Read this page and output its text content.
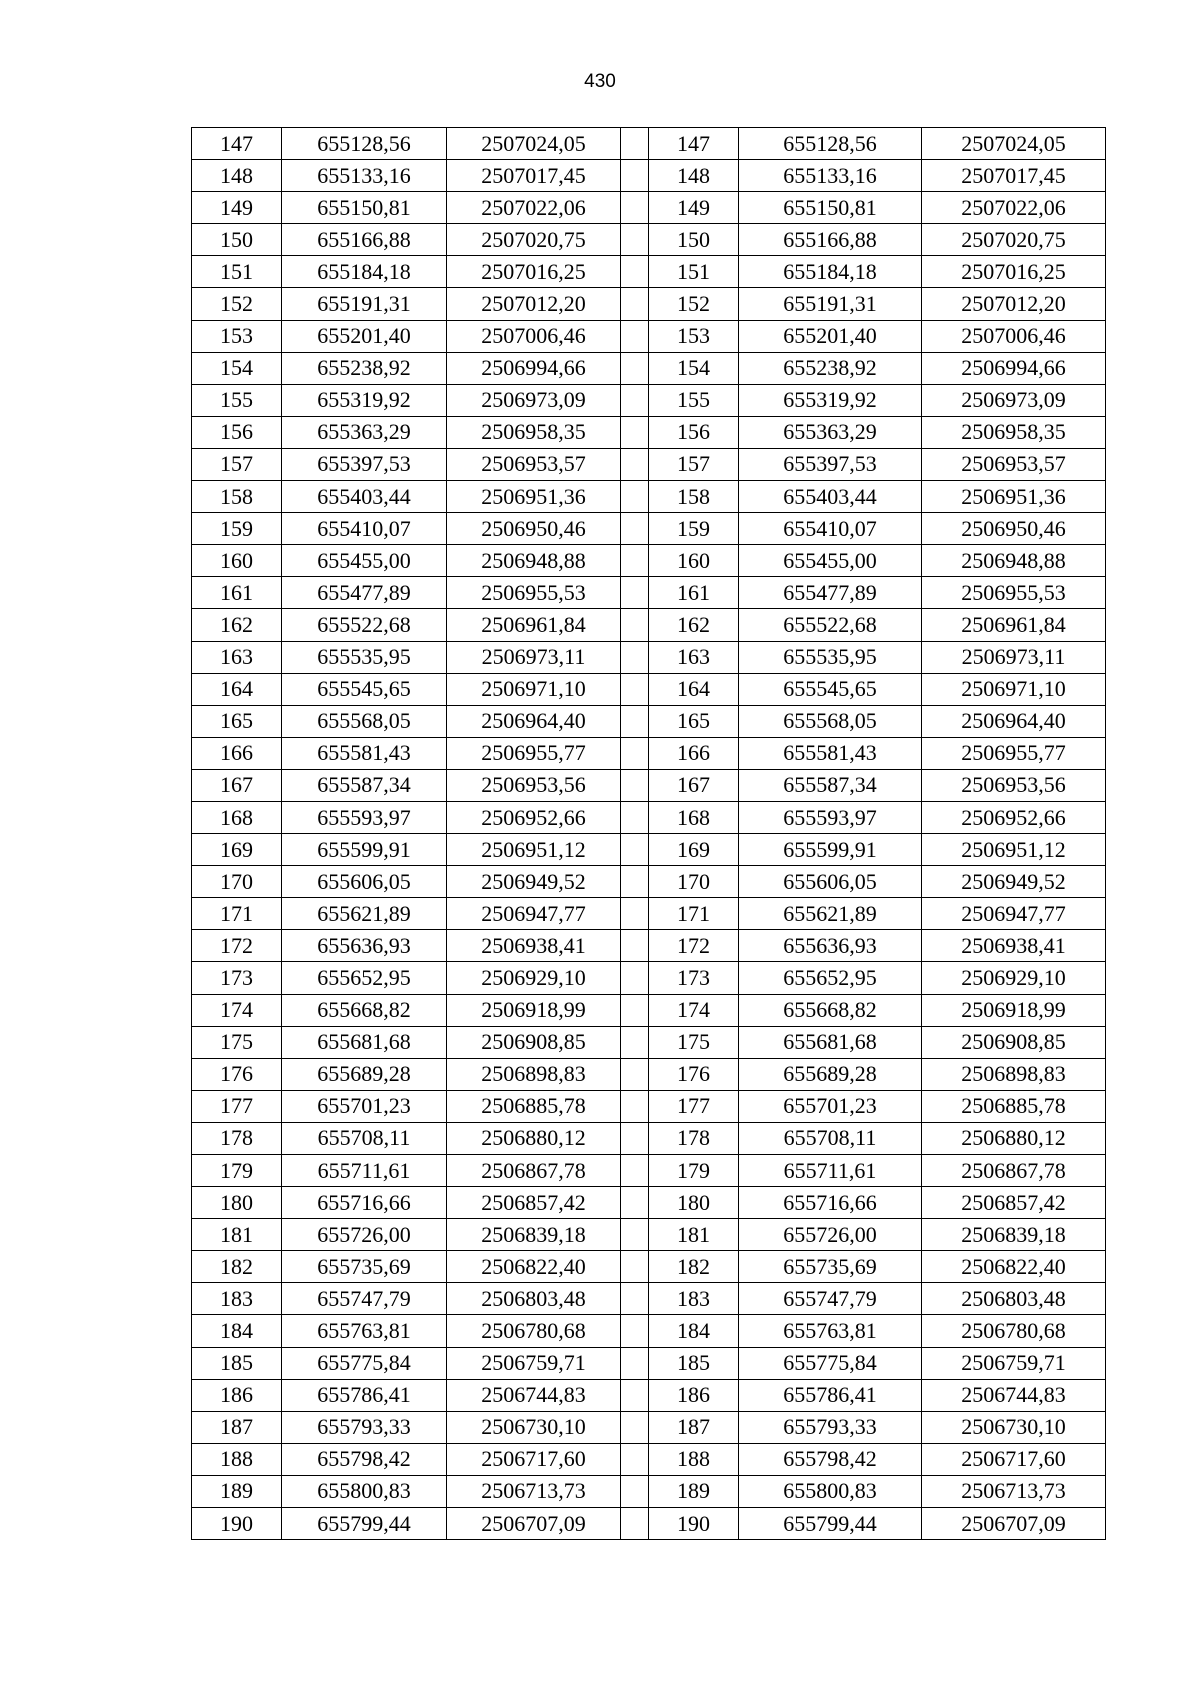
430
147	655128,56	2507024,05		147	655128,56	2507024,05
148	655133,16	2507017,45		148	655133,16	2507017,45
149	655150,81	2507022,06		149	655150,81	2507022,06
150	655166,88	2507020,75		150	655166,88	2507020,75
151	655184,18	2507016,25		151	655184,18	2507016,25
152	655191,31	2507012,20		152	655191,31	2507012,20
153	655201,40	2507006,46		153	655201,40	2507006,46
154	655238,92	2506994,66		154	655238,92	2506994,66
155	655319,92	2506973,09		155	655319,92	2506973,09
156	655363,29	2506958,35		156	655363,29	2506958,35
157	655397,53	2506953,57		157	655397,53	2506953,57
158	655403,44	2506951,36		158	655403,44	2506951,36
159	655410,07	2506950,46		159	655410,07	2506950,46
160	655455,00	2506948,88		160	655455,00	2506948,88
161	655477,89	2506955,53		161	655477,89	2506955,53
162	655522,68	2506961,84		162	655522,68	2506961,84
163	655535,95	2506973,11		163	655535,95	2506973,11
164	655545,65	2506971,10		164	655545,65	2506971,10
165	655568,05	2506964,40		165	655568,05	2506964,40
166	655581,43	2506955,77		166	655581,43	2506955,77
167	655587,34	2506953,56		167	655587,34	2506953,56
168	655593,97	2506952,66		168	655593,97	2506952,66
169	655599,91	2506951,12		169	655599,91	2506951,12
170	655606,05	2506949,52		170	655606,05	2506949,52
171	655621,89	2506947,77		171	655621,89	2506947,77
172	655636,93	2506938,41		172	655636,93	2506938,41
173	655652,95	2506929,10		173	655652,95	2506929,10
174	655668,82	2506918,99		174	655668,82	2506918,99
175	655681,68	2506908,85		175	655681,68	2506908,85
176	655689,28	2506898,83		176	655689,28	2506898,83
177	655701,23	2506885,78		177	655701,23	2506885,78
178	655708,11	2506880,12		178	655708,11	2506880,12
179	655711,61	2506867,78		179	655711,61	2506867,78
180	655716,66	2506857,42		180	655716,66	2506857,42
181	655726,00	2506839,18		181	655726,00	2506839,18
182	655735,69	2506822,40		182	655735,69	2506822,40
183	655747,79	2506803,48		183	655747,79	2506803,48
184	655763,81	2506780,68		184	655763,81	2506780,68
185	655775,84	2506759,71		185	655775,84	2506759,71
186	655786,41	2506744,83		186	655786,41	2506744,83
187	655793,33	2506730,10		187	655793,33	2506730,10
188	655798,42	2506717,60		188	655798,42	2506717,60
189	655800,83	2506713,73		189	655800,83	2506713,73
190	655799,44	2506707,09		190	655799,44	2506707,09
